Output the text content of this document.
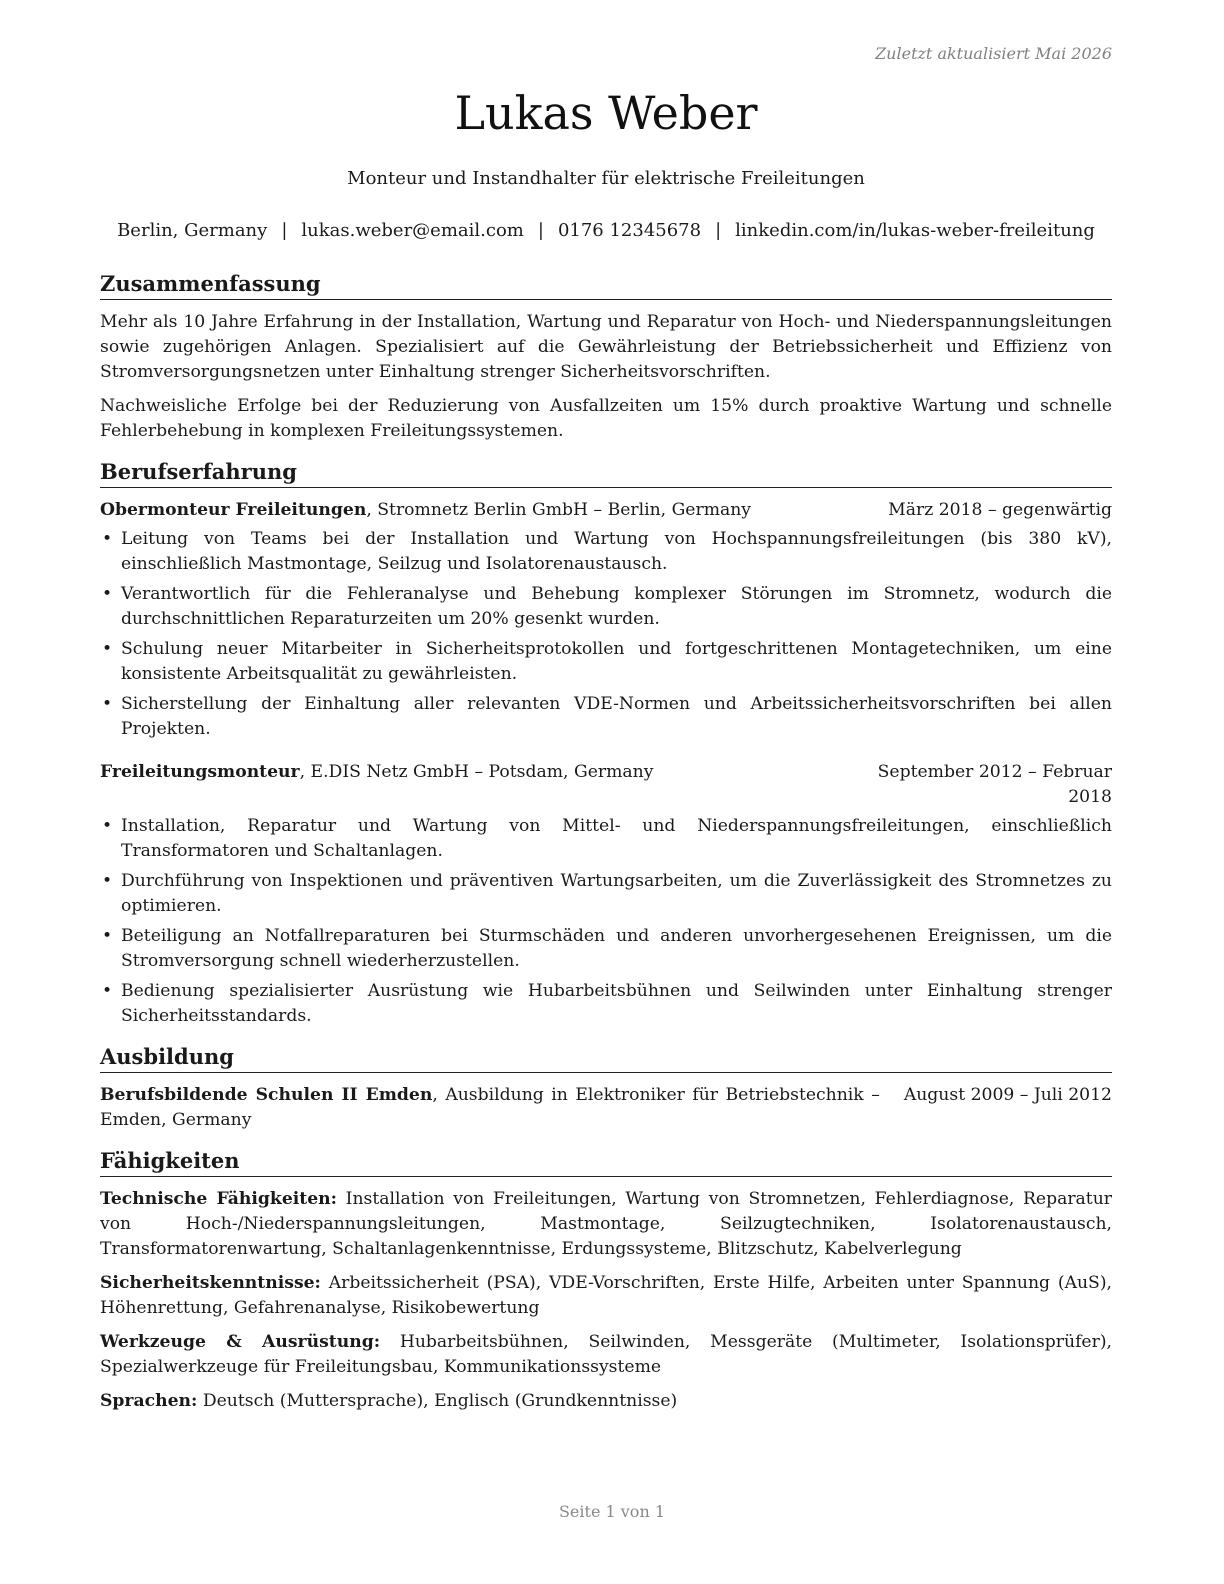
Zuletzt aktualisiert Mai 2026
Lukas Weber
Monteur und Instandhalter für elektrische Freileitungen
Berlin, Germany | lukas.weber@email.com | 0176 12345678 | linkedin.com/in/lukas-weber-freileitung
Zusammenfassung

Mehr als 10 Jahre Erfahrung in der Installation, Wartung und Reparatur von Hoch- und Niederspannungsleitungen sowie zugehörigen Anlagen. Spezialisiert auf die Gewährleistung der Betriebssicherheit und Effizienz von Stromversorgungsnetzen unter Einhaltung strenger Sicherheitsvorschriften.

Nachweisliche Erfolge bei der Reduzierung von Ausfallzeiten um 15% durch proaktive Wartung und schnelle Fehlerbehebung in komplexen Freileitungssystemen.

Berufserfahrung
Obermonteur Freileitungen, Stromnetz Berlin GmbH – Berlin, Germany	März 2018 – gegenwärtig
• Leitung von Teams bei der Installation und Wartung von Hochspannungsfreileitungen (bis 380 kV), einschließlich Mastmontage, Seilzug und Isolatorenaustausch.
• Verantwortlich für die Fehleranalyse und Behebung komplexer Störungen im Stromnetz, wodurch die durchschnittlichen Reparaturzeiten um 20% gesenkt wurden.
• Schulung neuer Mitarbeiter in Sicherheitsprotokollen und fortgeschrittenen Montagetechniken, um eine konsistente Arbeitsqualität zu gewährleisten.
• Sicherstellung der Einhaltung aller relevanten VDE-Normen und Arbeitssicherheitsvorschriften bei allen Projekten.
Freileitungsmonteur, E.DIS Netz GmbH – Potsdam, Germany	September 2012 – Februar 2018
• Installation, Reparatur und Wartung von Mittel- und Niederspannungsfreileitungen, einschließlich Transformatoren und Schaltanlagen.
• Durchführung von Inspektionen und präventiven Wartungsarbeiten, um die Zuverlässigkeit des Stromnetzes zu optimieren.
• Beteiligung an Notfallreparaturen bei Sturmschäden und anderen unvorhergesehenen Ereignissen, um die Stromversorgung schnell wiederherzustellen.
• Bedienung spezialisierter Ausrüstung wie Hubarbeitsbühnen und Seilwinden unter Einhaltung strenger Sicherheitsstandards.
Ausbildung
Berufsbildende Schulen II Emden, Ausbildung in Elektroniker für Betriebstechnik – Emden, Germany
August 2009 – Juli 2012
Fähigkeiten

Technische Fähigkeiten: Installation von Freileitungen, Wartung von Stromnetzen, Fehlerdiagnose, Reparatur von Hoch-/Niederspannungsleitungen, Mastmontage, Seilzugtechniken, Isolatorenaustausch, Transformatorenwartung, Schaltanlagenkenntnisse, Erdungssysteme, Blitzschutz, Kabelverlegung

Sicherheitskenntnisse: Arbeitssicherheit (PSA), VDE-Vorschriften, Erste Hilfe, Arbeiten unter Spannung (AuS), Höhenrettung, Gefahrenanalyse, Risikobewertung

Werkzeuge & Ausrüstung: Hubarbeitsbühnen, Seilwinden, Messgeräte (Multimeter, Isolationsprüfer), Spezialwerkzeuge für Freileitungsbau, Kommunikationssysteme

Sprachen: Deutsch (Muttersprache), Englisch (Grundkenntnisse)

Seite 1 von 1
